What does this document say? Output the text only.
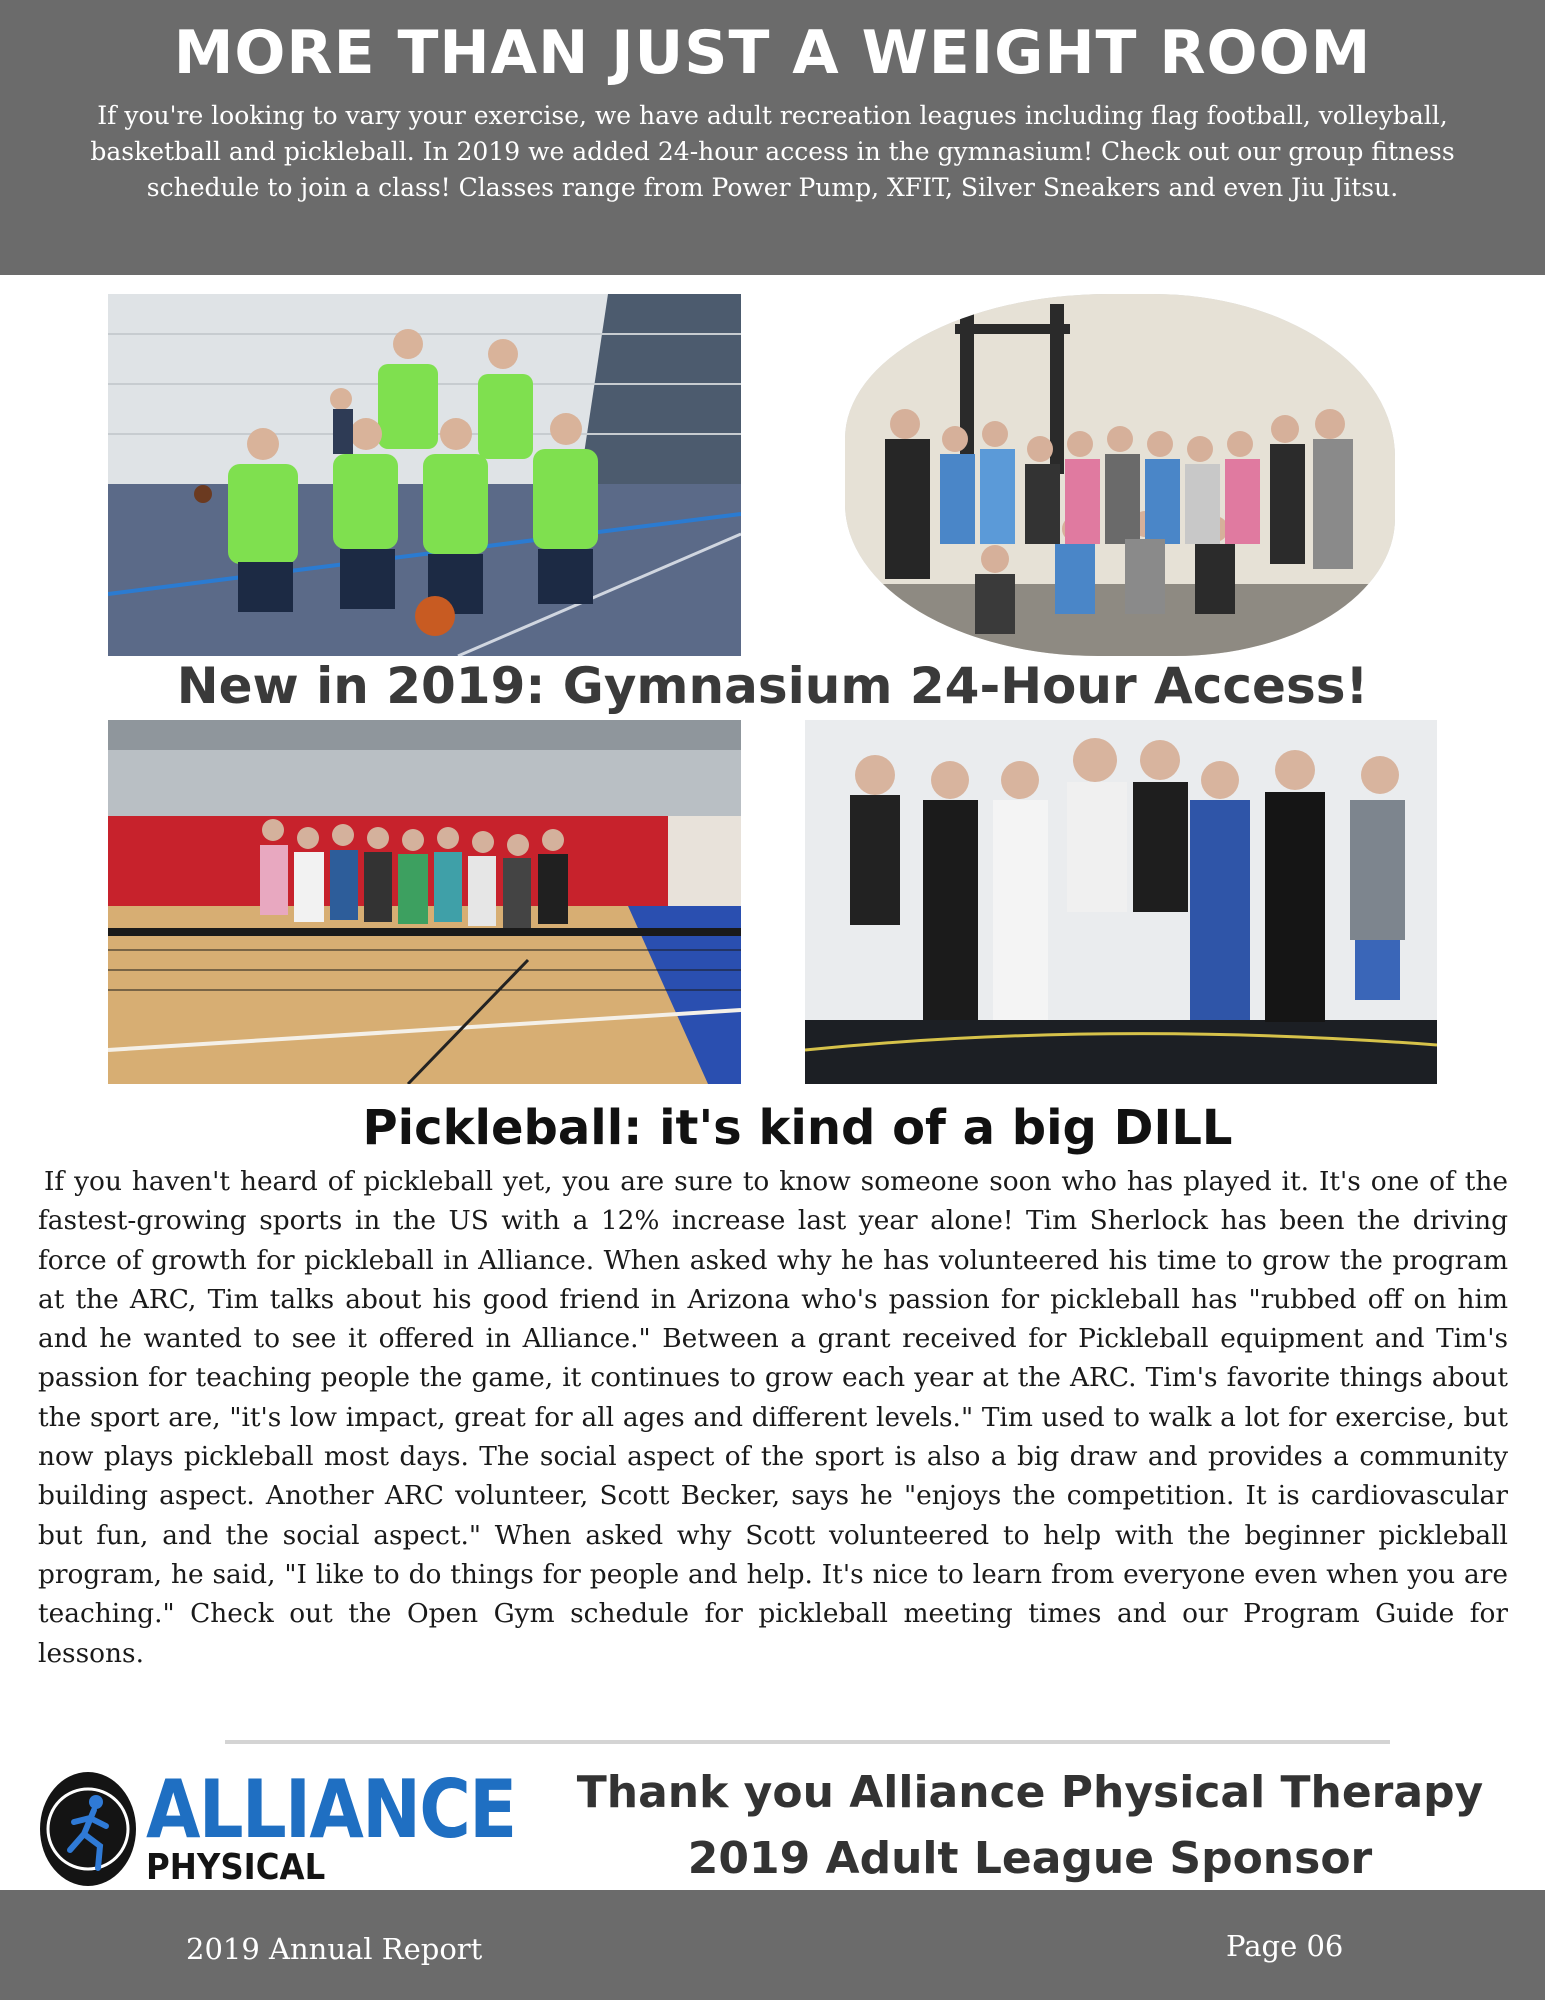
MORE THAN JUST A WEIGHT ROOM
If you're looking to vary your exercise, we have adult recreation leagues including flag football, volleyball, basketball and pickleball. In 2019 we added 24-hour access in the gymnasium! Check out our group fitness schedule to join a class! Classes range from Power Pump, XFIT, Silver Sneakers and even Jiu Jitsu.
New in 2019: Gymnasium 24-Hour Access!
Pickleball: it's kind of a big DILL

If you haven't heard of pickleball yet, you are sure to know someone soon who has played it. It's one of the fastest-growing sports in the US with a 12% increase last year alone! Tim Sherlock has been the driving force of growth for pickleball in Alliance. When asked why he has volunteered his time to grow the program at the ARC, Tim talks about his good friend in Arizona who's passion for pickleball has "rubbed off on him and he wanted to see it offered in Alliance." Between a grant received for Pickleball equipment and Tim's passion for teaching people the game, it continues to grow each year at the ARC. Tim's favorite things about the sport are, "it's low impact, great for all ages and different levels." Tim used to walk a lot for exercise, but now plays pickleball most days. The social aspect of the sport is also a big draw and provides a community building aspect. Another ARC volunteer, Scott Becker, says he "enjoys the competition. It is cardiovascular but fun, and the social aspect." When asked why Scott volunteered to help with the beginner pickleball program, he said, "I like to do things for people and help. It's nice to learn from everyone even when you are teaching." Check out the Open Gym schedule for pickleball meeting times and our Program Guide for lessons.

ALLIANCE
PHYSICAL
Thank you Alliance Physical Therapy
2019 Adult League Sponsor
2019 Annual Report	Page 06
